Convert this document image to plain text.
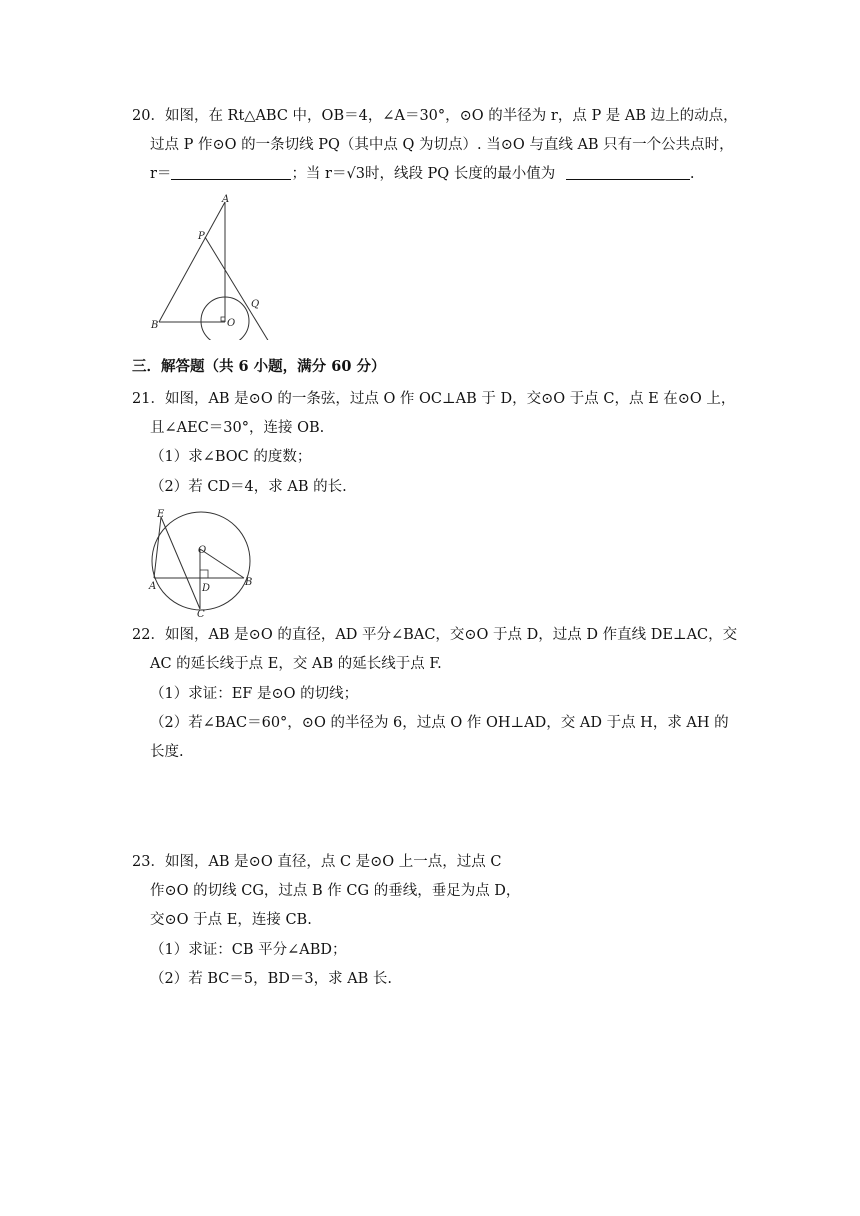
20．如图，在 Rt△ABC 中，OB＝4，∠A＝30°，⊙O 的半径为 r，点 P 是 AB 边上的动点，
过点 P 作⊙O 的一条切线 PQ（其中点 Q 为切点）. 当⊙O 与直线 AB 只有一个公共点时，
r＝	；当 r＝√3时，线段 PQ 长度的最小值为	.
A
P
Q
B	O
三．解答题（共 6 小题，满分 60 分）
21．如图，AB 是⊙O 的一条弦，过点 O 作 OC⊥AB 于 D，交⊙O 于点 C，点 E 在⊙O 上，
且∠AEC＝30°，连接 OB.
（1）求∠BOC 的度数；
（2）若 CD＝4，求 AB 的长.
E
O
A	D
B
C
22．如图，AB 是⊙O 的直径，AD 平分∠BAC，交⊙O 于点 D，过点 D 作直线 DE⊥AC，交
AC 的延长线于点 E，交 AB 的延长线于点 F.
（1）求证：EF 是⊙O 的切线；
（2）若∠BAC＝60°，⊙O 的半径为 6，过点 O 作 OH⊥AD，交 AD 于点 H，求 AH 的
长度.
23．如图，AB 是⊙O 直径，点 C 是⊙O 上一点，过点 C
作⊙O 的切线 CG，过点 B 作 CG 的垂线，垂足为点 D，
交⊙O 于点 E，连接 CB.
（1）求证：CB 平分∠ABD；
（2）若 BC＝5，BD＝3，求 AB 长.
